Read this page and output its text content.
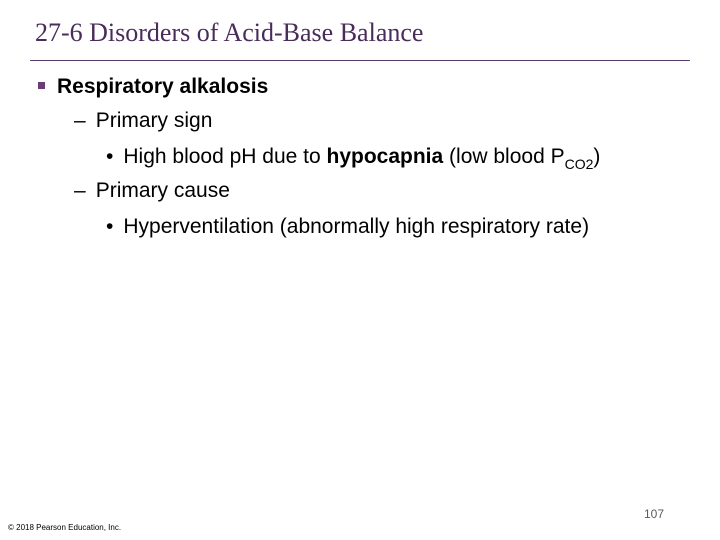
27-6 Disorders of Acid-Base Balance
Respiratory alkalosis
– Primary sign
• High blood pH due to hypocapnia (low blood $P_{CO2}$)
– Primary cause
• Hyperventilation (abnormally high respiratory rate)
107
© 2018 Pearson Education, Inc.
